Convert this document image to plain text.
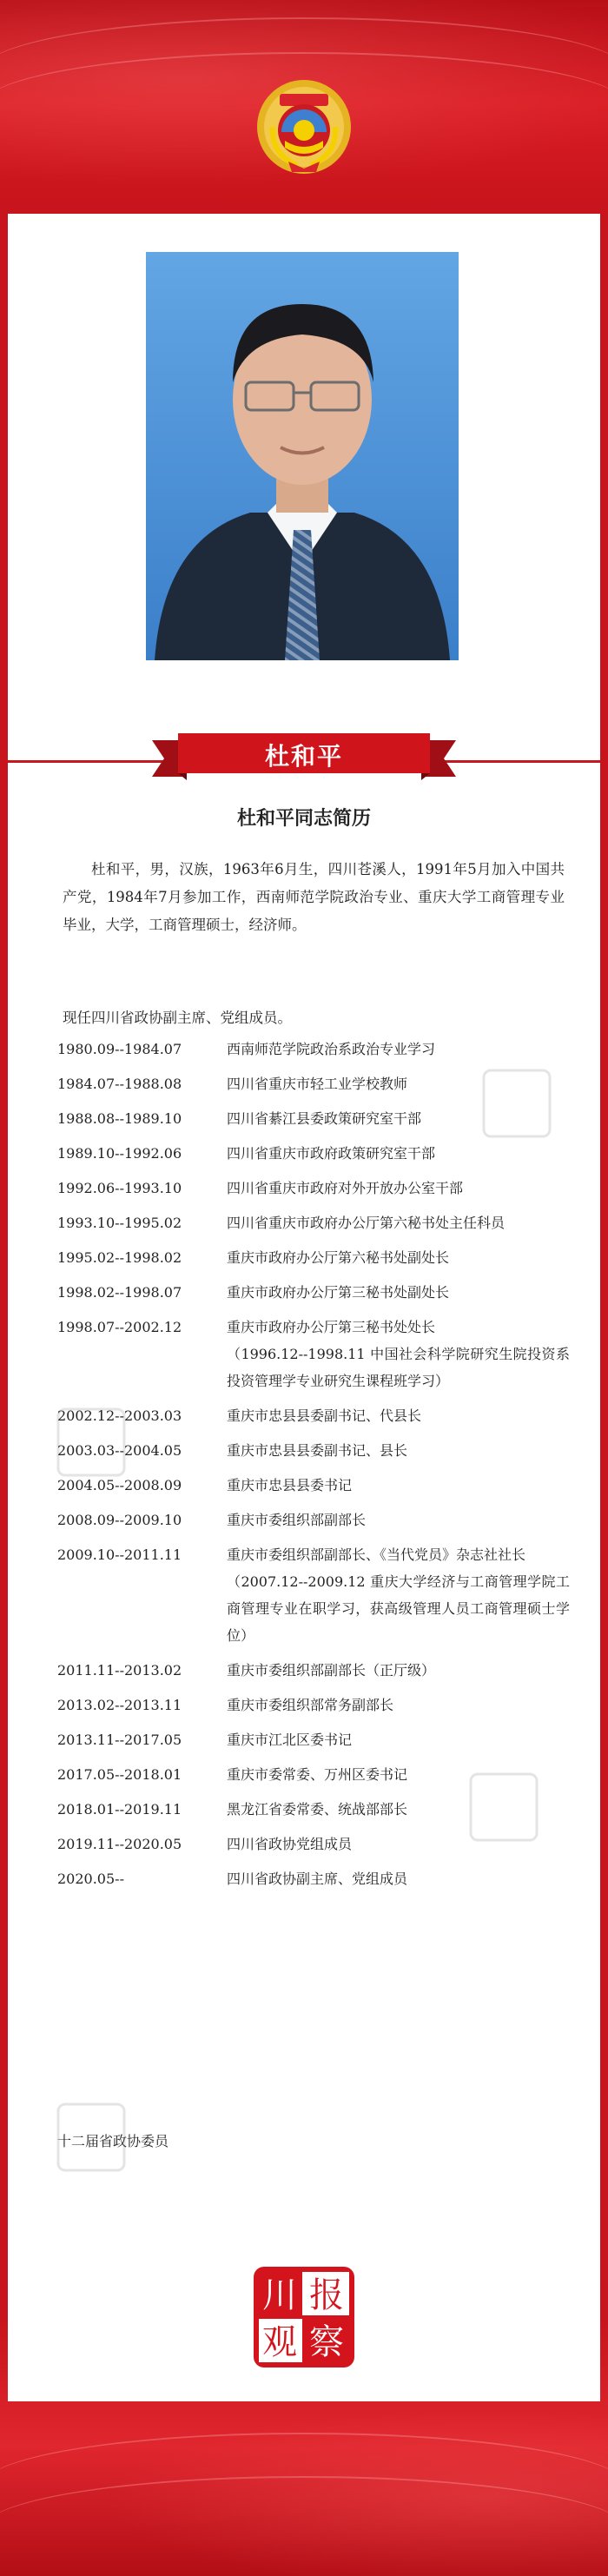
杜和平
杜和平同志简历

杜和平，男，汉族，1963年6月生，四川苍溪人，1991年5月加入中国共产党，1984年7月参加工作，西南师范学院政治专业、重庆大学工商管理专业毕业，大学，工商管理硕士，经济师。

现任四川省政协副主席、党组成员。
1980.09--1984.07	西南师范学院政治系政治专业学习
1984.07--1988.08	四川省重庆市轻工业学校教师
1988.08--1989.10	四川省綦江县委政策研究室干部
1989.10--1992.06	四川省重庆市政府政策研究室干部
1992.06--1993.10	四川省重庆市政府对外开放办公室干部
1993.10--1995.02	四川省重庆市政府办公厅第六秘书处主任科员
1995.02--1998.02	重庆市政府办公厅第六秘书处副处长
1998.02--1998.07	重庆市政府办公厅第三秘书处副处长
1998.07--2002.12	重庆市政府办公厅第三秘书处处长
（1996.12--1998.11 中国社会科学院研究生院投资系投资管理学专业研究生课程班学习）
2002.12--2003.03	重庆市忠县县委副书记、代县长
2003.03--2004.05	重庆市忠县县委副书记、县长
2004.05--2008.09	重庆市忠县县委书记
2008.09--2009.10	重庆市委组织部副部长
2009.10--2011.11	重庆市委组织部副部长、《当代党员》杂志社社长
（2007.12--2009.12 重庆大学经济与工商管理学院工商管理专业在职学习，获高级管理人员工商管理硕士学位）
2011.11--2013.02	重庆市委组织部副部长（正厅级）
2013.02--2013.11	重庆市委组织部常务副部长
2013.11--2017.05	重庆市江北区委书记
2017.05--2018.01	重庆市委常委、万州区委书记
2018.01--2019.11	黑龙江省委常委、统战部部长
2019.11--2020.05	四川省政协党组成员
2020.05--	四川省政协副主席、党组成员
十二届省政协委员
川 报
观 察
